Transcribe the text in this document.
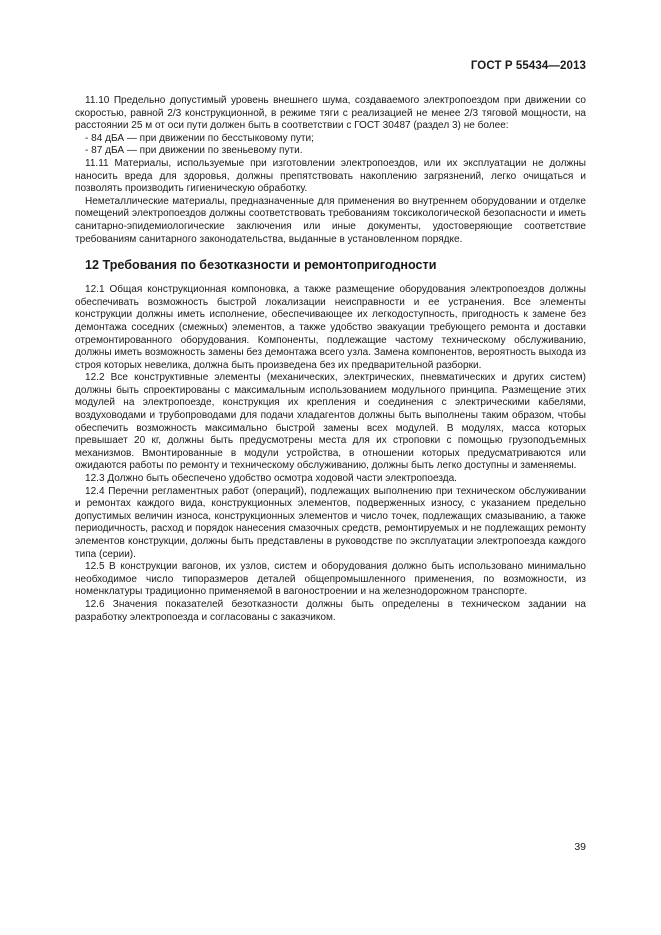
ГОСТ Р 55434—2013

11.10 Предельно допустимый уровень внешнего шума, создаваемого электропоездом при движении со скоростью, равной 2/3 конструкционной, в режиме тяги с реализацией не менее 2/3 тяговой мощности, на расстоянии 25 м от оси пути должен быть в соответствии с ГОСТ 30487 (раздел 3) не более:

- 84 дБА — при движении по бесстыковому пути;

- 87 дБА — при движении по звеньевому пути.

11.11 Материалы, используемые при изготовлении электропоездов, или их эксплуатации не должны наносить вреда для здоровья, должны препятствовать накоплению загрязнений, легко очищаться и позволять производить гигиеническую обработку.

Неметаллические материалы, предназначенные для применения во внутреннем оборудовании и отделке помещений электропоездов должны соответствовать требованиям токсикологической безопасности и иметь санитарно-эпидемиологические заключения или иные документы, удостоверяющие соответствие требованиям санитарного законодательства, выданные в установленном порядке.

12 Требования по безотказности и ремонтопригодности

12.1 Общая конструкционная компоновка, а также размещение оборудования электропоездов должны обеспечивать возможность быстрой локализации неисправности и ее устранения. Все элементы конструкции должны иметь исполнение, обеспечивающее их легкодоступность, пригодность к замене без демонтажа соседних (смежных) элементов, а также удобство эвакуации требующего ремонта и доставки отремонтированного оборудования. Компоненты, подлежащие частому техническому обслуживанию, должны иметь возможность замены без демонтажа всего узла. Замена компонентов, вероятность выхода из строя которых невелика, должна быть произведена без их предварительной разборки.

12.2 Все конструктивные элементы (механических, электрических, пневматических и других систем) должны быть спроектированы с максимальным использованием модульного принципа. Размещение этих модулей на электропоезде, конструкция их крепления и соединения с электрическими кабелями, воздуховодами и трубопроводами для подачи хладагентов должны быть выполнены таким образом, чтобы обеспечить возможность максимально быстрой замены всех модулей. В модулях, масса которых превышает 20 кг, должны быть предусмотрены места для их строповки с помощью грузоподъемных механизмов. Вмонтированные в модули устройства, в отношении которых предусматриваются или ожидаются работы по ремонту и техническому обслуживанию, должны быть легко доступны и заменяемы.

12.3 Должно быть обеспечено удобство осмотра ходовой части электропоезда.

12.4 Перечни регламентных работ (операций), подлежащих выполнению при техническом обслуживании и ремонтах каждого вида, конструкционных элементов, подверженных износу, с указанием предельно допустимых величин износа, конструкционных элементов и число точек, подлежащих смазыванию, а также периодичность, расход и порядок нанесения смазочных средств, ремонтируемых и не подлежащих ремонту элементов конструкции, должны быть представлены в руководстве по эксплуатации электропоезда каждого типа (серии).

12.5 В конструкции вагонов, их узлов, систем и оборудования должно быть использовано минимально необходимое число типоразмеров деталей общепромышленного применения, по возможности, из номенклатуры традиционно применяемой в вагоностроении и на железнодорожном транспорте.

12.6 Значения показателей безотказности должны быть определены в техническом задании на разработку электропоезда и согласованы с заказчиком.

39
